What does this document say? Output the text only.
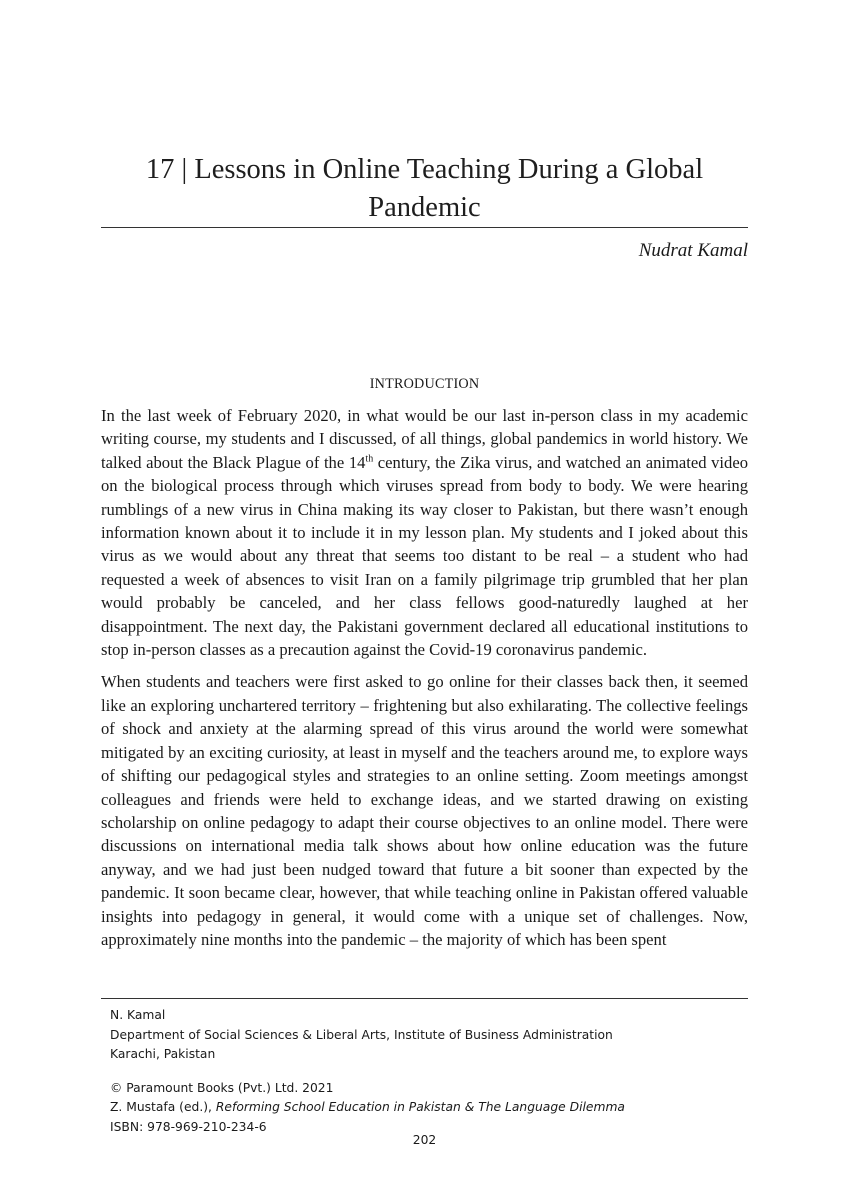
17 | Lessons in Online Teaching During a Global
Pandemic
Nudrat Kamal
INTRODUCTION

In the last week of February 2020, in what would be our last in-person class in my academic writing course, my students and I discussed, of all things, global pandemics in world history. We talked about the Black Plague of the 14th century, the Zika virus, and watched an animated video on the biological process through which viruses spread from body to body. We were hearing rumblings of a new virus in China making its way closer to Pakistan, but there wasn’t enough information known about it to include it in my lesson plan. My students and I joked about this virus as we would about any threat that seems too distant to be real – a student who had requested a week of absences to visit Iran on a family pilgrimage trip grumbled that her plan would probably be canceled, and her class fellows good-naturedly laughed at her disappointment. The next day, the Pakistani government declared all educational institutions to stop in-person classes as a precaution against the Covid-19 coronavirus pandemic.

When students and teachers were first asked to go online for their classes back then, it seemed like an exploring unchartered territory – frightening but also exhilarating. The collective feelings of shock and anxiety at the alarming spread of this virus around the world were somewhat mitigated by an exciting curiosity, at least in myself and the teachers around me, to explore ways of shifting our pedagogical styles and strategies to an online setting. Zoom meetings amongst colleagues and friends were held to exchange ideas, and we started drawing on existing scholarship on online pedagogy to adapt their course objectives to an online model. There were discussions on international media talk shows about how online education was the future anyway, and we had just been nudged toward that future a bit sooner than expected by the pandemic. It soon became clear, however, that while teaching online in Pakistan offered valuable insights into pedagogy in general, it would come with a unique set of challenges. Now, approximately nine months into the pandemic – the majority of which has been spent

N. Kamal
Department of Social Sciences & Liberal Arts, Institute of Business Administration
Karachi, Pakistan
© Paramount Books (Pvt.) Ltd. 2021
Z. Mustafa (ed.), Reforming School Education in Pakistan & The Language Dilemma
ISBN: 978-969-210-234-6
202
